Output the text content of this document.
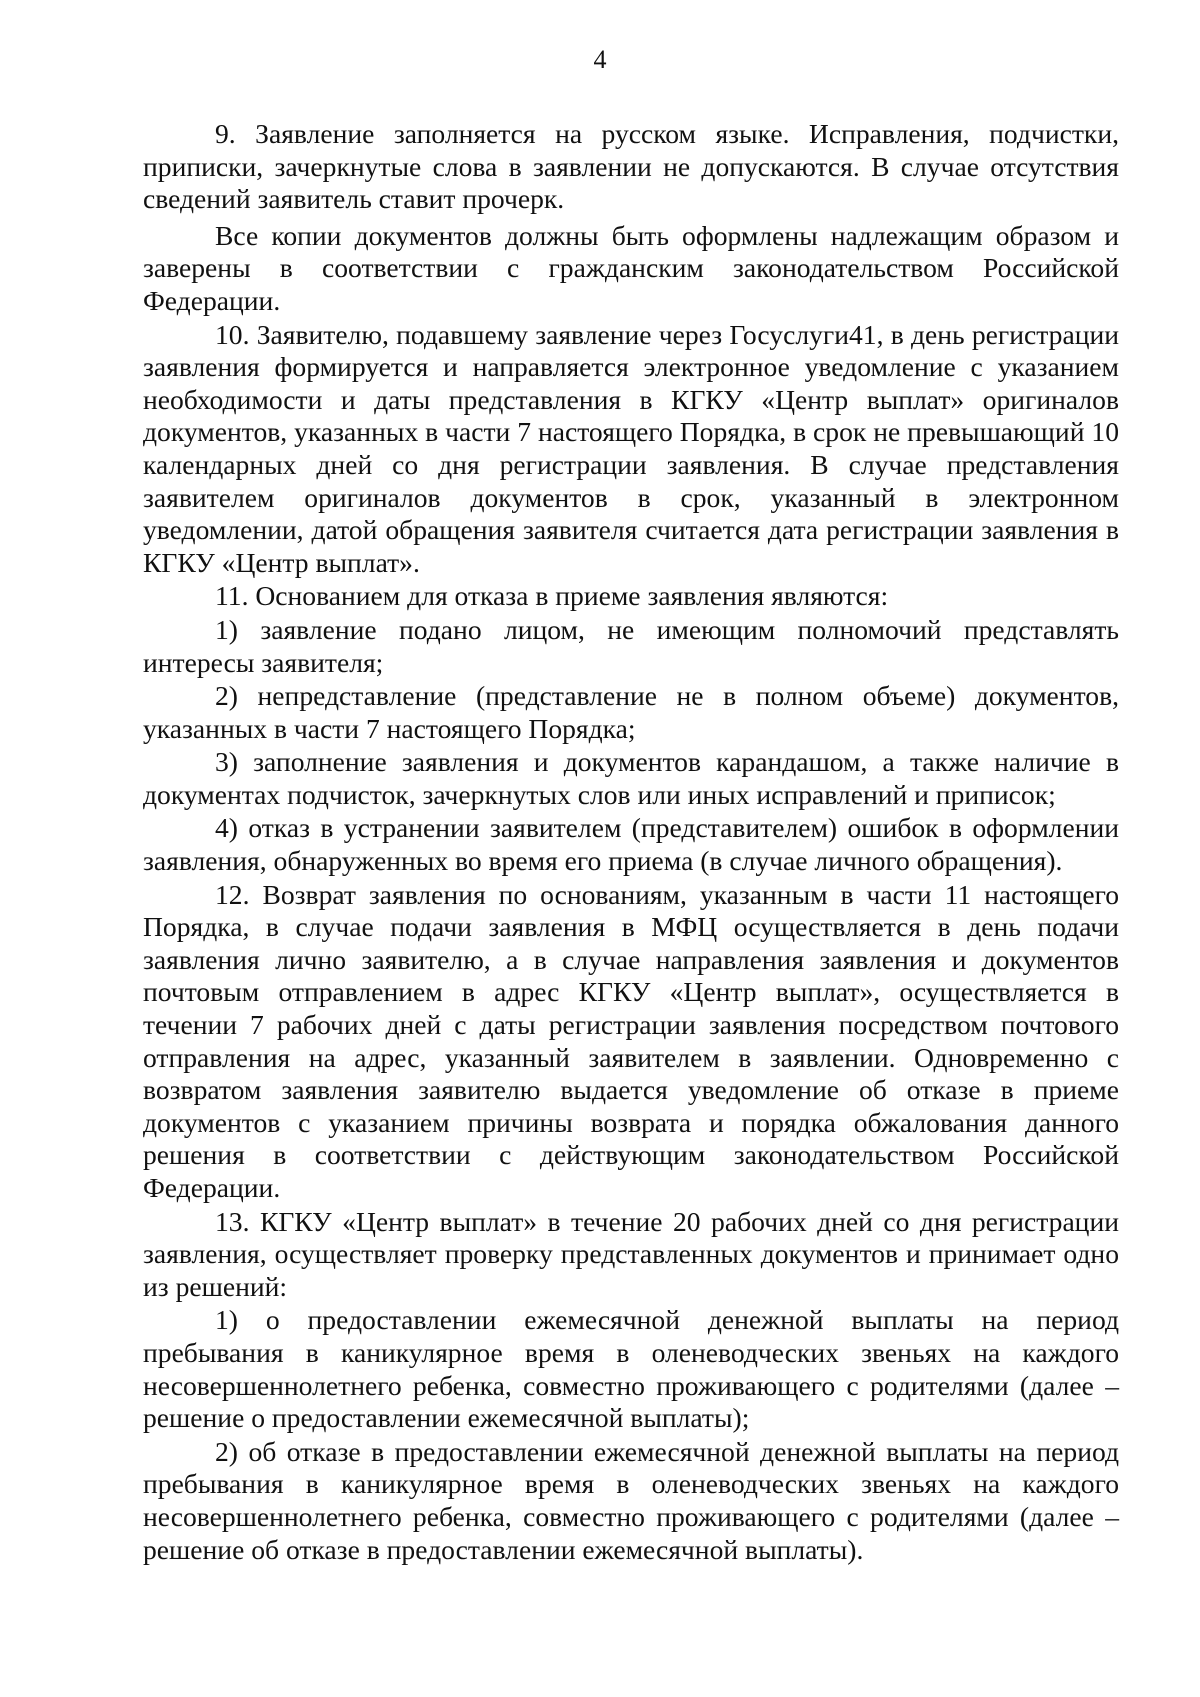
4

9. Заявление заполняется на русском языке. Исправления, подчистки, приписки, зачеркнутые слова в заявлении не допускаются. В случае отсутствия сведений заявитель ставит прочерк.

Все копии документов должны быть оформлены надлежащим образом и заверены в соответствии с гражданским законодательством Российской Федерации.

10. Заявителю, подавшему заявление через Госуслуги41, в день регистрации заявления формируется и направляется электронное уведомление с указанием необходимости и даты представления в КГКУ «Центр выплат» оригиналов документов, указанных в части 7 настоящего Порядка, в срок не превышающий 10 календарных дней со дня регистрации заявления. В случае представления заявителем оригиналов документов в срок, указанный в электронном уведомлении, датой обращения заявителя считается дата регистрации заявления в КГКУ «Центр выплат».

11. Основанием для отказа в приеме заявления являются:

1) заявление подано лицом, не имеющим полномочий представлять интересы заявителя;

2) непредставление (представление не в полном объеме) документов, указанных в части 7 настоящего Порядка;

3) заполнение заявления и документов карандашом, а также наличие в документах подчисток, зачеркнутых слов или иных исправлений и приписок;

4) отказ в устранении заявителем (представителем) ошибок в оформлении заявления, обнаруженных во время его приема (в случае личного обращения).

12. Возврат заявления по основаниям, указанным в части 11 настоящего Порядка, в случае подачи заявления в МФЦ осуществляется в день подачи заявления лично заявителю, а в случае направления заявления и документов почтовым отправлением в адрес КГКУ «Центр выплат», осуществляется в течении 7 рабочих дней с даты регистрации заявления посредством почтового отправления на адрес, указанный заявителем в заявлении. Одновременно с возвратом заявления заявителю выдается уведомление об отказе в приеме документов с указанием причины возврата и порядка обжалования данного решения в соответствии с действующим законодательством Российской Федерации.

13. КГКУ «Центр выплат» в течение 20 рабочих дней со дня регистрации заявления, осуществляет проверку представленных документов и принимает одно из решений:

1) о предоставлении ежемесячной денежной выплаты на период пребывания в каникулярное время в оленеводческих звеньях на каждого несовершеннолетнего ребенка, совместно проживающего с родителями (далее – решение о предоставлении ежемесячной выплаты);

2) об отказе в предоставлении ежемесячной денежной выплаты на период пребывания в каникулярное время в оленеводческих звеньях на каждого несовершеннолетнего ребенка, совместно проживающего с родителями (далее – решение об отказе в предоставлении ежемесячной выплаты).
